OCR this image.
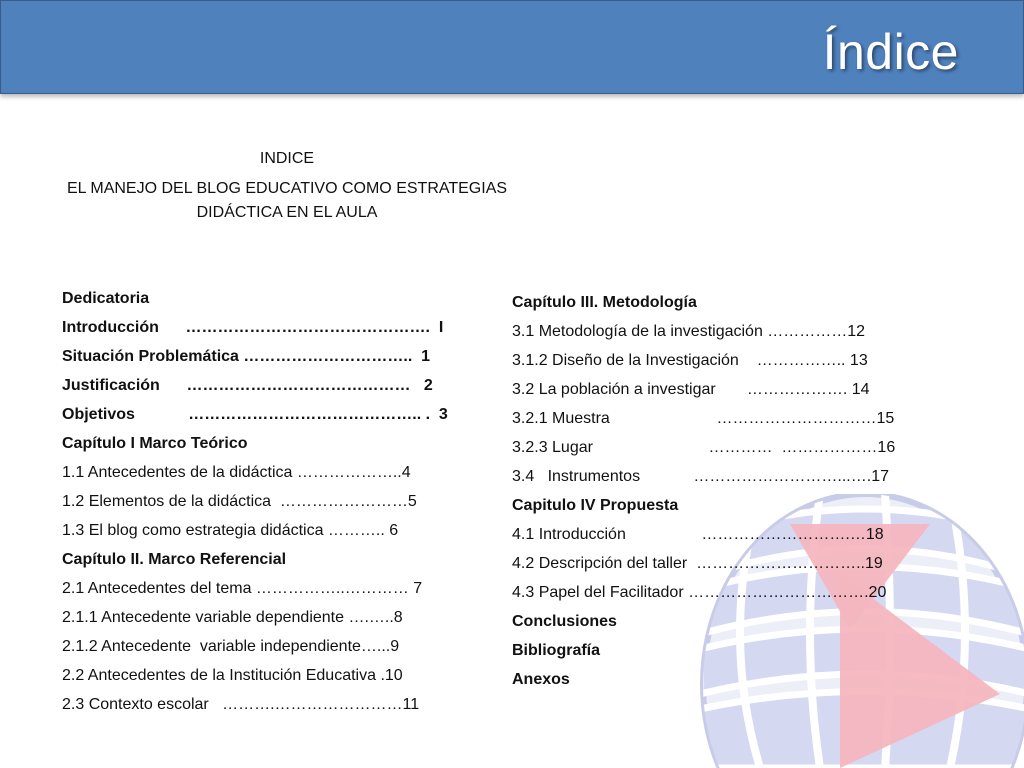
Índice
INDICE
EL MANEJO DEL BLOG EDUCATIVO COMO ESTRATEGIAS
DIDÁCTICA EN EL AULA
Dedicatoria
Introducción      ……………………………………….  I
Situación Problemática …………………………..  1
Justificación      ……………………………………   2
Objetivos            …………………………………….. .  3
Capítulo I Marco Teórico
1.1 Antecedentes de la didáctica ………………..4
1.2 Elementos de la didáctica  ……………………5
1.3 El blog como estrategia didáctica ……….. 6
Capítulo II. Marco Referencial
2.1 Antecedentes del tema ……………..………… 7
2.1.1 Antecedente variable dependiente ….…..8
2.1.2 Antecedente  variable independiente…...9
2.2 Antecedentes de la Institución Educativa .10
2.3 Contexto escolar   ……….……………………11
Capítulo III. Metodología
3.1 Metodología de la investigación ……………12
3.1.2 Diseño de la Investigación    …………….. 13
3.2 La población a investigar       ………………. 14
3.2.1 Muestra                        …………………………15
3.2.3 Lugar                          …………  ………………16
3.4   Instrumentos            ………………………...….17
Capitulo IV Propuesta
4.1 Introducción                 ……………………….…18
4.2 Descripción del taller  …………………………..19
4.3 Papel del Facilitador …………………………….20
Conclusiones
Bibliografía
Anexos
